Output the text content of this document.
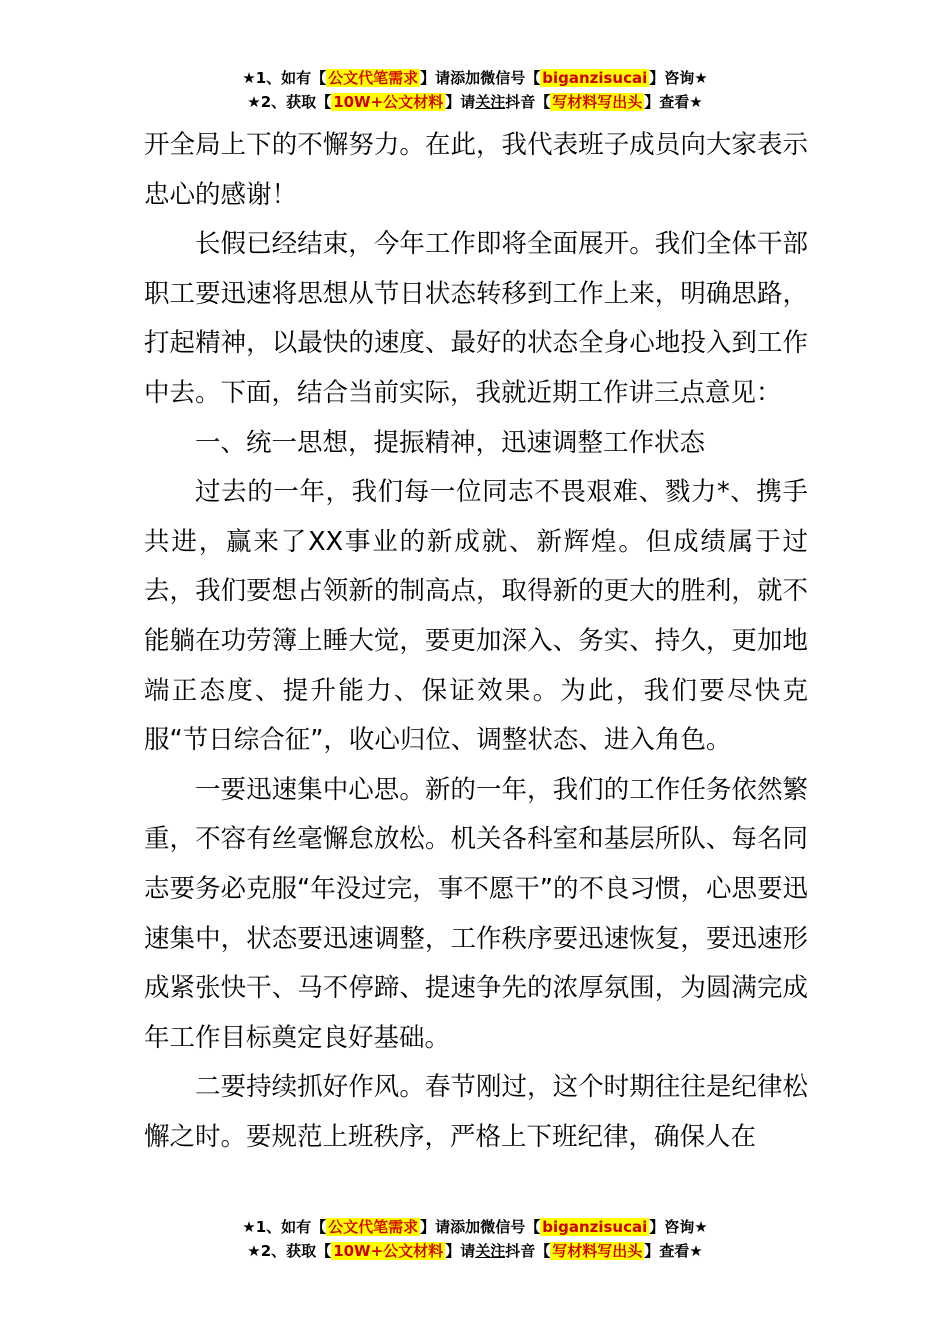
★1、如有【 公文代笔需求 】请添加微信号【 biganzisucai 】咨询★
★2、获取【 10W+公文材料 】请关注抖音【 写材料写出头 】查看★

开全局上下的不懈努力。在此，我代表班子成员向大家表示忠心的感谢！

长假已经结束，今年工作即将全面展开。我们全体干部职工要迅速将思想从节日状态转移到工作上来，明确思路，打起精神，以最快的速度、最好的状态全身心地投入到工作中去。下面，结合当前实际，我就近期工作讲三点意见：

一、统一思想，提振精神，迅速调整工作状态

过去的一年，我们每一位同志不畏艰难、戮力*、携手共进，赢来了XX事业的新成就、新辉煌。但成绩属于过去，我们要想占领新的制高点，取得新的更大的胜利，就不能躺在功劳簿上睡大觉，要更加深入、务实、持久，更加地端正态度、提升能力、保证效果。为此，我们要尽快克服“节日综合征”，收心归位、调整状态、进入角色。

一要迅速集中心思。新的一年，我们的工作任务依然繁重，不容有丝毫懈怠放松。机关各科室和基层所队、每名同志要务必克服“年没过完，事不愿干”的不良习惯，心思要迅速集中，状态要迅速调整，工作秩序要迅速恢复，要迅速形成紧张快干、马不停蹄、提速争先的浓厚氛围，为圆满完成年工作目标奠定良好基础。

二要持续抓好作风。春节刚过，这个时期往往是纪律松懈之时。要规范上班秩序，严格上下班纪律，确保人在

★1、如有【 公文代笔需求 】请添加微信号【 biganzisucai 】咨询★
★2、获取【 10W+公文材料 】请关注抖音【 写材料写出头 】查看★
